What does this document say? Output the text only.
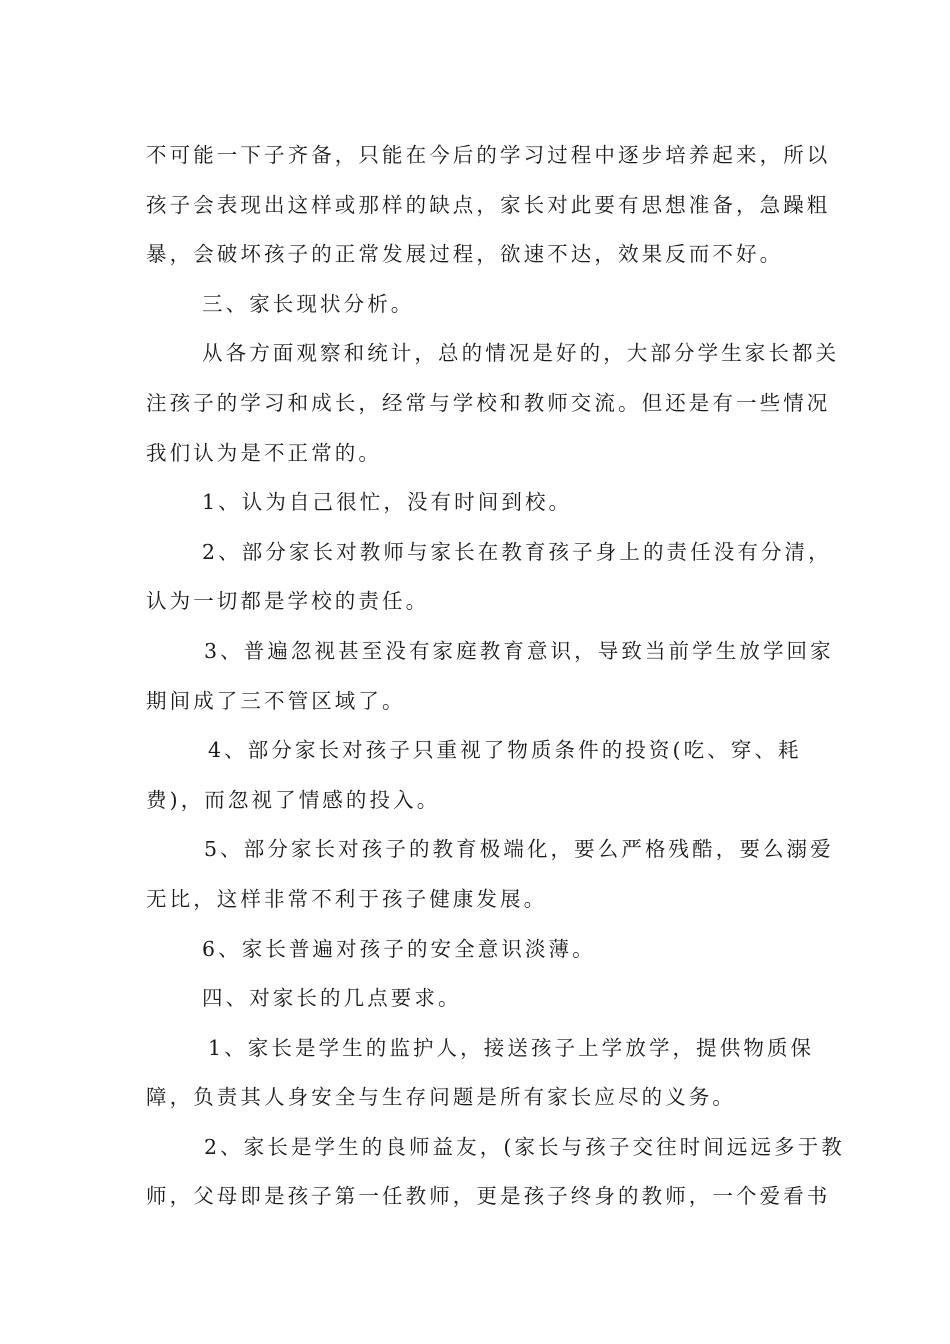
不可能一下子齐备，只能在今后的学习过程中逐步培养起来，所以
孩子会表现出这样或那样的缺点，家长对此要有思想准备，急躁粗
暴，会破坏孩子的正常发展过程，欲速不达，效果反而不好。
三、家长现状分析。
从各方面观察和统计，总的情况是好的，大部分学生家长都关
注孩子的学习和成长，经常与学校和教师交流。但还是有一些情况
我们认为是不正常的。
1、认为自己很忙，没有时间到校。
2、部分家长对教师与家长在教育孩子身上的责任没有分清，
认为一切都是学校的责任。
3、普遍忽视甚至没有家庭教育意识，导致当前学生放学回家
期间成了三不管区域了。
4、部分家长对孩子只重视了物质条件的投资(吃、穿、耗
费)，而忽视了情感的投入。
5、部分家长对孩子的教育极端化，要么严格残酷，要么溺爱
无比，这样非常不利于孩子健康发展。
6、家长普遍对孩子的安全意识淡薄。
四、对家长的几点要求。
1、家长是学生的监护人，接送孩子上学放学，提供物质保
障，负责其人身安全与生存问题是所有家长应尽的义务。
2、家长是学生的良师益友，(家长与孩子交往时间远远多于教
师，父母即是孩子第一任教师，更是孩子终身的教师，一个爱看书
